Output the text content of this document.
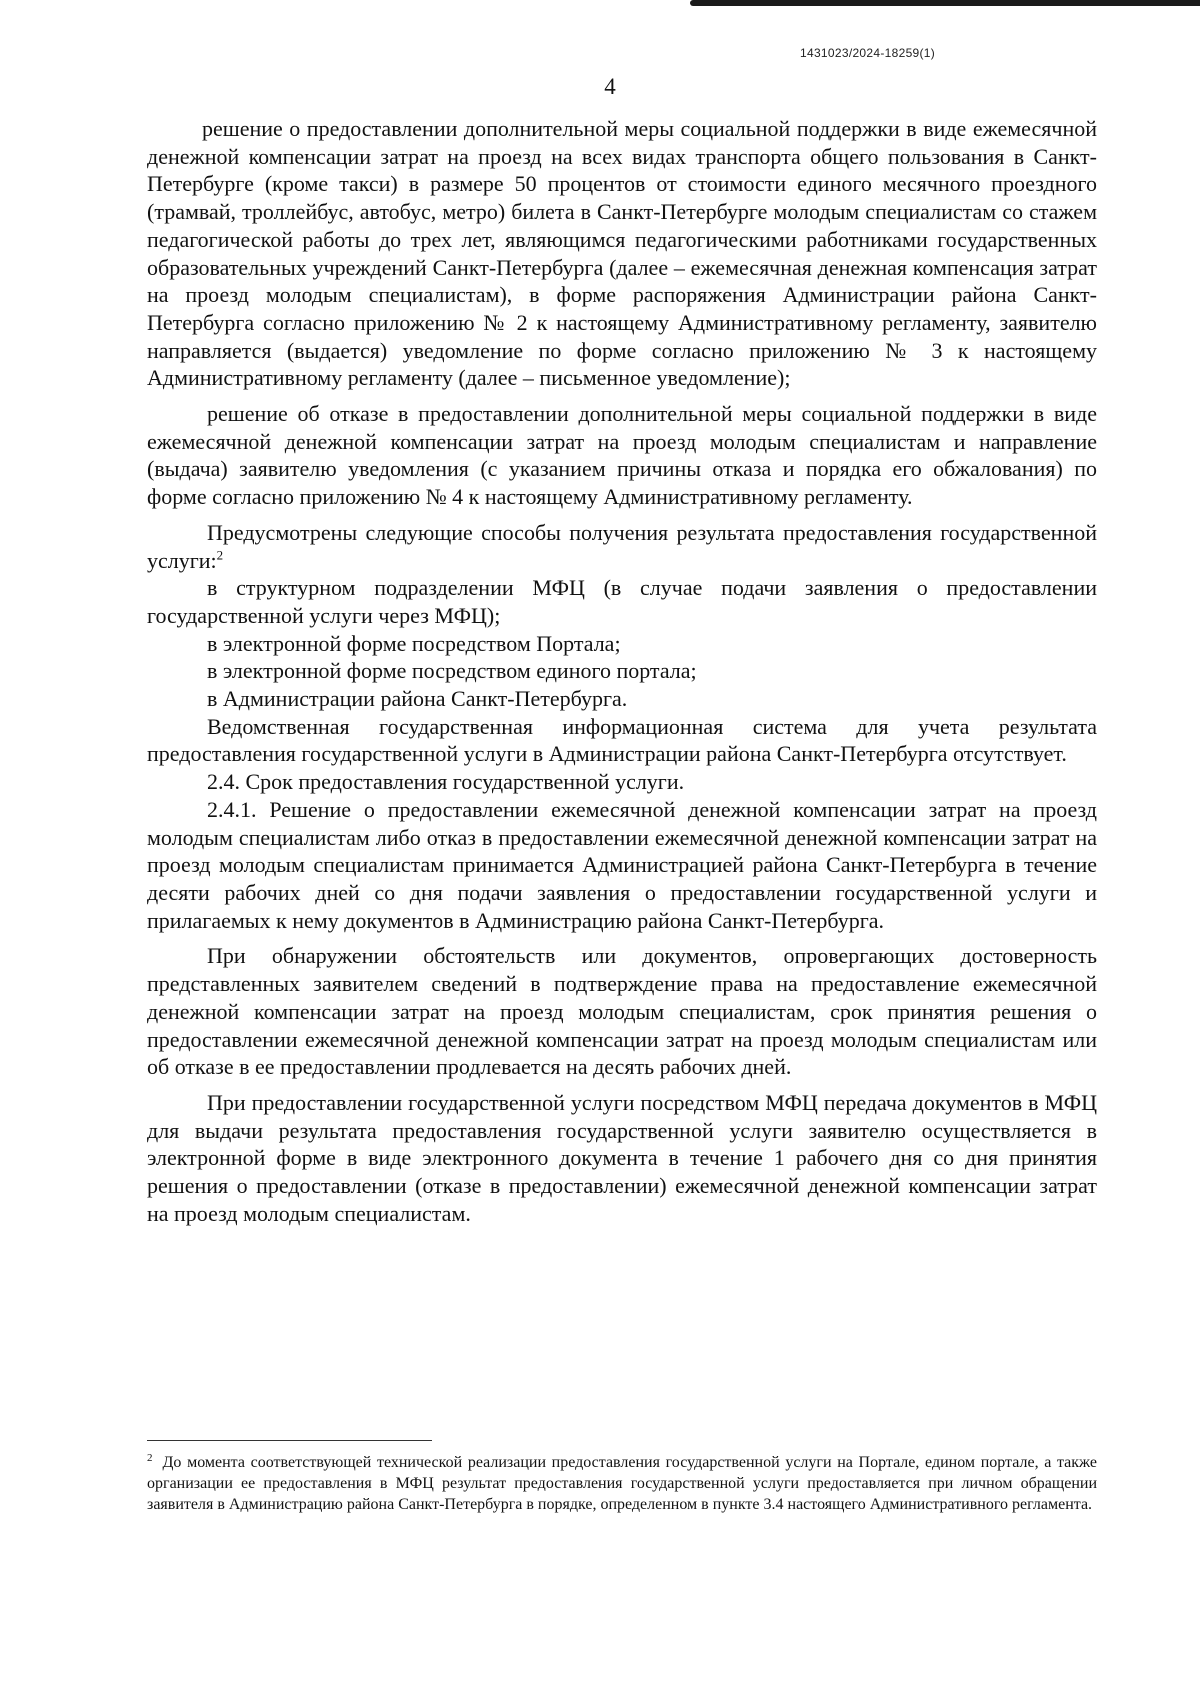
1431023/2024-18259(1)
4

решение о предоставлении дополнительной меры социальной поддержки в виде ежемесячной денежной компенсации затрат на проезд на всех видах транспорта общего пользования в Санкт-Петербурге (кроме такси) в размере 50 процентов от стоимости единого месячного проездного (трамвай, троллейбус, автобус, метро) билета в Санкт-Петербурге молодым специалистам со стажем педагогической работы до трех лет, являющимся педагогическими работниками государственных образовательных учреждений Санкт-Петербурга (далее – ежемесячная денежная компенсация затрат на проезд молодым специалистам), в форме распоряжения Администрации района Санкт-Петербурга согласно приложению № 2 к настоящему Административному регламенту, заявителю направляется (выдается) уведомление по форме согласно приложению № 3 к настоящему Административному регламенту (далее – письменное уведомление);

решение об отказе в предоставлении дополнительной меры социальной поддержки в виде ежемесячной денежной компенсации затрат на проезд молодым специалистам и направление (выдача) заявителю уведомления (с указанием причины отказа и порядка его обжалования) по форме согласно приложению № 4 к настоящему Административному регламенту.

Предусмотрены следующие способы получения результата предоставления государственной услуги:$^2$

в структурном подразделении МФЦ (в случае подачи заявления о предоставлении государственной услуги через МФЦ);

в электронной форме посредством Портала;

в электронной форме посредством единого портала;

в Администрации района Санкт-Петербурга.

Ведомственная государственная информационная система для учета результата предоставления государственной услуги в Администрации района Санкт-Петербурга отсутствует.

2.4. Срок предоставления государственной услуги.

2.4.1. Решение о предоставлении ежемесячной денежной компенсации затрат на проезд молодым специалистам либо отказ в предоставлении ежемесячной денежной компенсации затрат на проезд молодым специалистам принимается Администрацией района Санкт-Петербурга в течение десяти рабочих дней со дня подачи заявления о предоставлении государственной услуги и прилагаемых к нему документов в Администрацию района Санкт-Петербурга.

При обнаружении обстоятельств или документов, опровергающих достоверность представленных заявителем сведений в подтверждение права на предоставление ежемесячной денежной компенсации затрат на проезд молодым специалистам, срок принятия решения о предоставлении ежемесячной денежной компенсации затрат на проезд молодым специалистам или об отказе в ее предоставлении продлевается на десять рабочих дней.

При предоставлении государственной услуги посредством МФЦ передача документов в МФЦ для выдачи результата предоставления государственной услуги заявителю осуществляется в электронной форме в виде электронного документа в течение 1 рабочего дня со дня принятия решения о предоставлении (отказе в предоставлении) ежемесячной денежной компенсации затрат на проезд молодым специалистам.

$^2$ До момента соответствующей технической реализации предоставления государственной услуги на Портале, едином портале, а также организации ее предоставления в МФЦ результат предоставления государственной услуги предоставляется при личном обращении заявителя в Администрацию района Санкт-Петербурга в порядке, определенном в пункте 3.4 настоящего Административного регламента.
